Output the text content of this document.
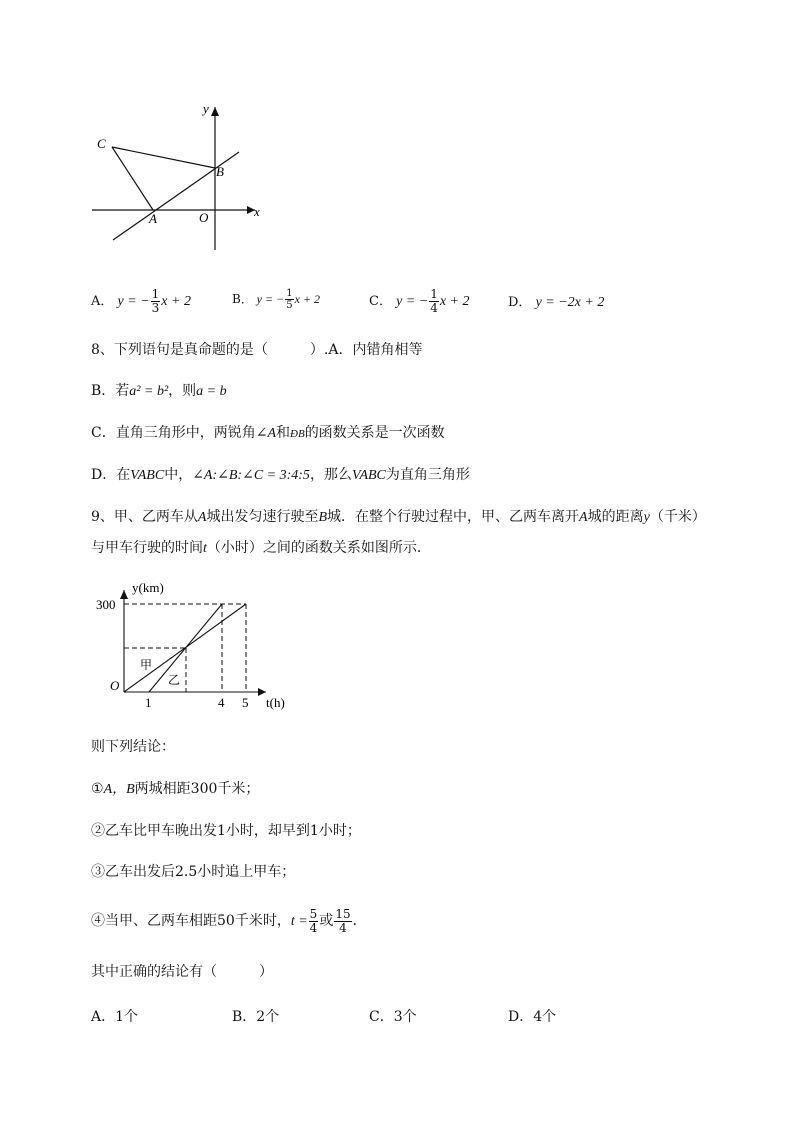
y
x
C
B
A	O
A． y = − $\frac{1}{3}$ x + 2	B． y = − $\frac{1}{5}$ x + 2	C． y = − $\frac{1}{4}$ x + 2	D． y = −2x + 2
8、下列语句是真命题的是（　　　）.A．内错角相等
B．若a² = b²，则a = b
C．直角三角形中，两锐角∠A和ÐB的函数关系是一次函数
D．在VABC中，∠A:∠B:∠C = 3:4:5，那么VABC为直角三角形
9、甲、乙两车从A城出发匀速行驶至B城．在整个行驶过程中，甲、乙两车离开A城的距离y（千米）与甲车行驶的时间t（小时）之间的函数关系如图所示．
y(km)
t(h)
300
O
1	4 5
甲
乙
则下列结论：
①A，B两城相距300千米；
②乙车比甲车晚出发1小时，却早到1小时；
③乙车出发后2.5小时追上甲车；
④当甲、乙两车相距50千米时，$t = \frac{5}{4}$ 或 $\frac{15}{4}$ ．
其中正确的结论有（　　　）
A．1个	B．2个	C．3个	D．4个
